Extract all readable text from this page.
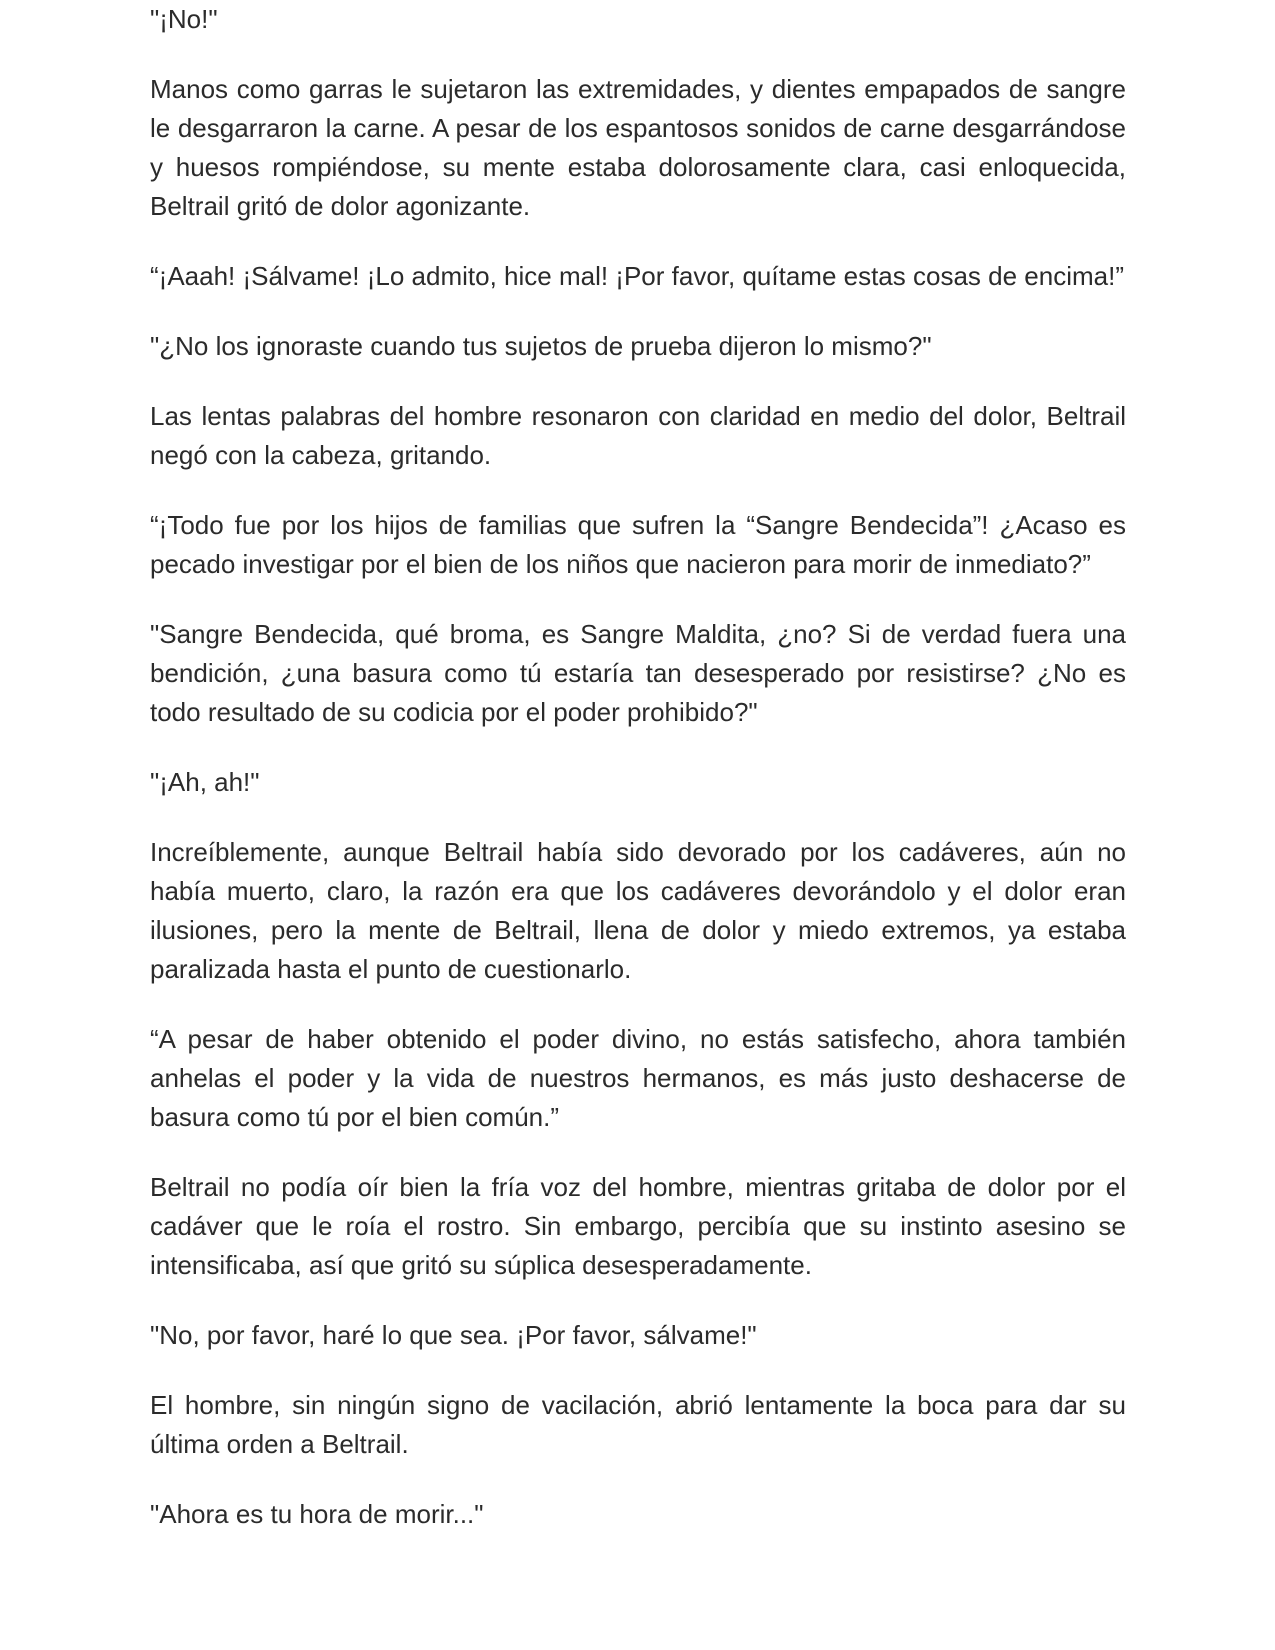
"¡No!"

Manos como garras le sujetaron las extremidades, y dientes empapados de sangre le desgarraron la carne. A pesar de los espantosos sonidos de carne desgarrándose y huesos rompiéndose, su mente estaba dolorosamente clara, casi enloquecida, Beltrail gritó de dolor agonizante.

“¡Aaah! ¡Sálvame! ¡Lo admito, hice mal! ¡Por favor, quítame estas cosas de encima!”

"¿No los ignoraste cuando tus sujetos de prueba dijeron lo mismo?"

Las lentas palabras del hombre resonaron con claridad en medio del dolor, Beltrail negó con la cabeza, gritando.

“¡Todo fue por los hijos de familias que sufren la “Sangre Bendecida”! ¿Acaso es pecado investigar por el bien de los niños que nacieron para morir de inmediato?”

"Sangre Bendecida, qué broma, es Sangre Maldita, ¿no? Si de verdad fuera una bendición, ¿una basura como tú estaría tan desesperado por resistirse? ¿No es todo resultado de su codicia por el poder prohibido?"

"¡Ah, ah!"

Increíblemente, aunque Beltrail había sido devorado por los cadáveres, aún no había muerto, claro, la razón era que los cadáveres devorándolo y el dolor eran ilusiones, pero la mente de Beltrail, llena de dolor y miedo extremos, ya estaba paralizada hasta el punto de cuestionarlo.

“A pesar de haber obtenido el poder divino, no estás satisfecho, ahora también anhelas el poder y la vida de nuestros hermanos, es más justo deshacerse de basura como tú por el bien común.”

Beltrail no podía oír bien la fría voz del hombre, mientras gritaba de dolor por el cadáver que le roía el rostro. Sin embargo, percibía que su instinto asesino se intensificaba, así que gritó su súplica desesperadamente.

"No, por favor, haré lo que sea. ¡Por favor, sálvame!"

El hombre, sin ningún signo de vacilación, abrió lentamente la boca para dar su última orden a Beltrail.

"Ahora es tu hora de morir..."
